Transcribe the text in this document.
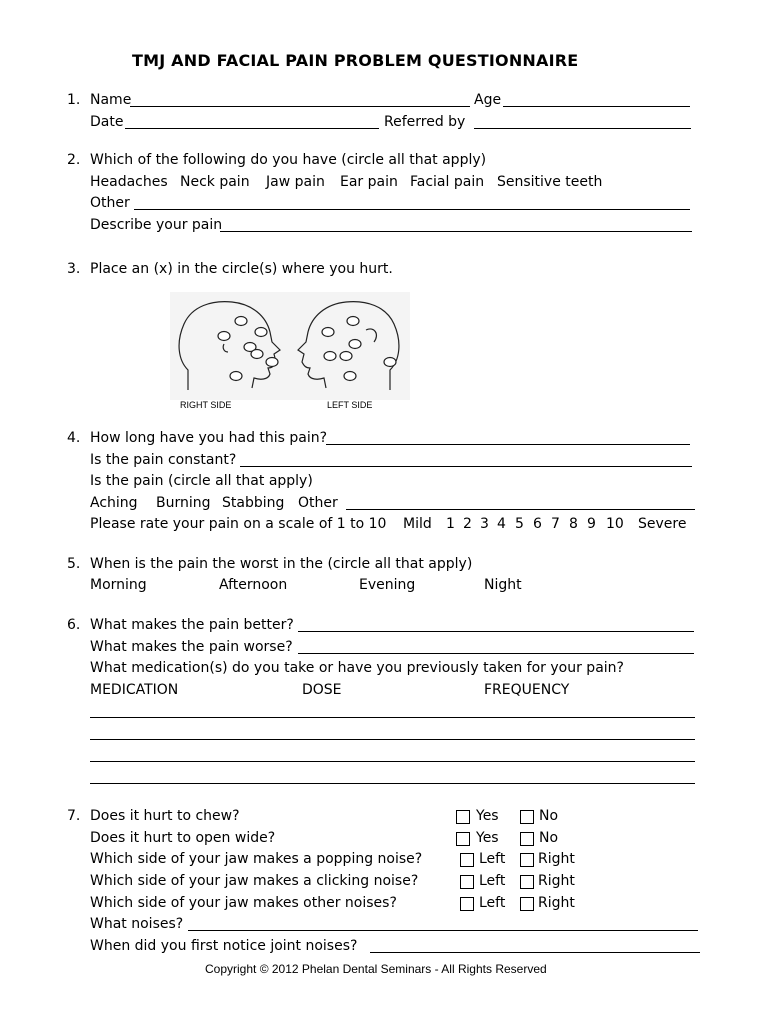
TMJ AND FACIAL PAIN PROBLEM QUESTIONNAIRE
1. Name	Age
Date	Referred by
2. Which of the following do you have (circle all that apply)
Headaches Neck pain Jaw pain Ear pain Facial pain Sensitive teeth
Other
Describe your pain
3. Place an (x) in the circle(s) where you hurt.
RIGHT SIDE	LEFT SIDE
4. How long have you had this pain?
Is the pain constant?
Is the pain (circle all that apply)
Aching Burning Stabbing Other
Please rate your pain on a scale of 1 to 10 Mild 1 2 3 4 5 6 7 8 9 10 Severe
5. When is the pain the worst in the (circle all that apply)
Morning	Afternoon	Evening	Night
6. What makes the pain better?
What makes the pain worse?
What medication(s) do you take or have you previously taken for your pain?
MEDICATION	DOSE	FREQUENCY
7. Does it hurt to chew?	Yes	No
Does it hurt to open wide?	Yes	No
Which side of your jaw makes a popping noise?	Left Right
Which side of your jaw makes a clicking noise?	Left Right
Which side of your jaw makes other noises?	Left Right
What noises?
When did you first notice joint noises?
Copyright © 2012 Phelan Dental Seminars - All Rights Reserved
